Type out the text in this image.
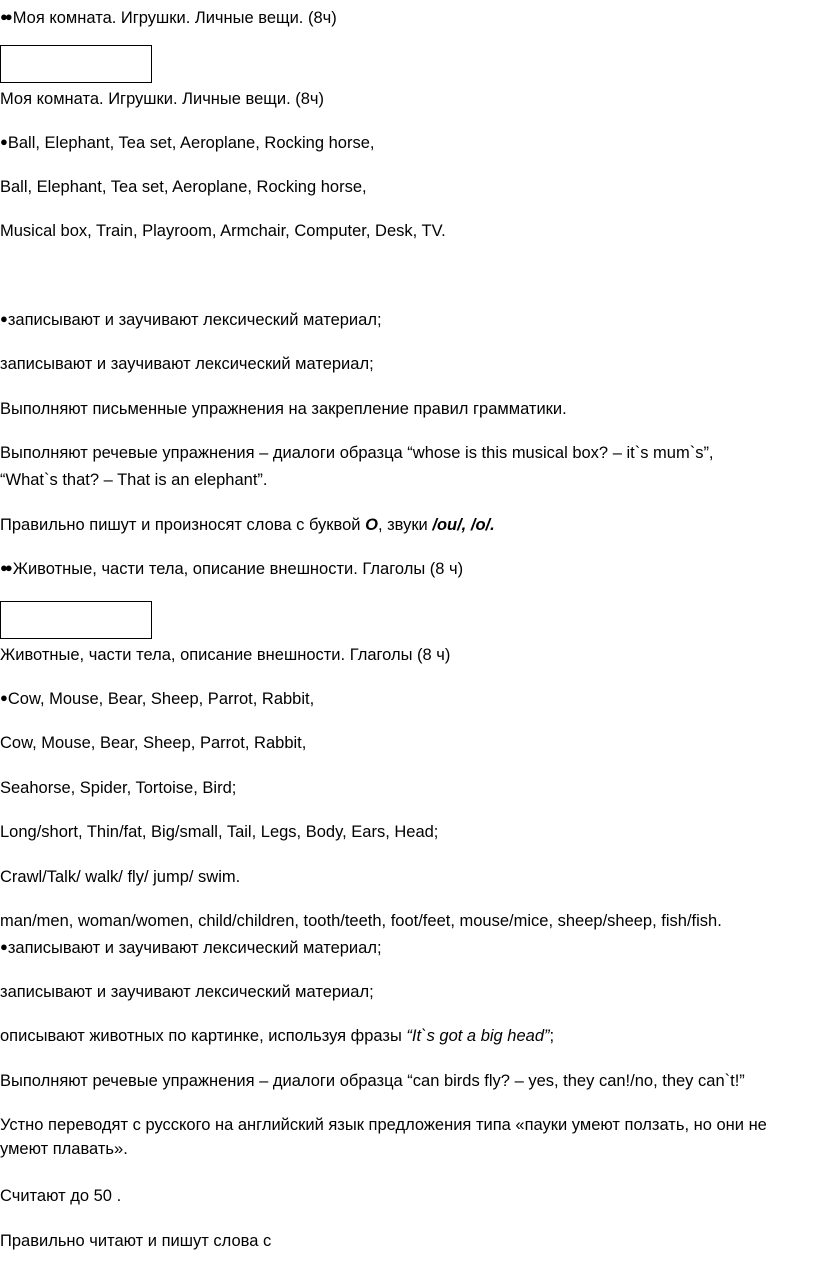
●● Моя комната. Игрушки. Личные вещи. (8ч)
Моя комната. Игрушки. Личные вещи. (8ч)
● Ball, Elephant, Tea set, Aeroplane, Rocking horse,
Ball, Elephant, Tea set, Aeroplane, Rocking horse,
Musical box, Train, Playroom, Armchair, Computer, Desk, TV.
● записывают и заучивают лексический материал;
записывают и заучивают лексический материал;
Выполняют письменные упражнения на закрепление правил грамматики.
Выполняют речевые упражнения – диалоги образца “whose is this musical box? – it`s mum`s”,
“What`s that? – That is an elephant”.
Правильно пишут и произносят слова с буквой O, звуки /ou/, /o/.
●● Животные, части тела, описание внешности. Глаголы (8 ч)
Животные, части тела, описание внешности. Глаголы (8 ч)
● Cow, Mouse, Bear, Sheep, Parrot, Rabbit,
Cow, Mouse, Bear, Sheep, Parrot, Rabbit,
Seahorse, Spider, Tortoise, Bird;
Long/short, Thin/fat, Big/small, Tail, Legs, Body, Ears, Head;
Crawl/Talk/ walk/ fly/ jump/ swim.
man/men, woman/women, child/children, tooth/teeth, foot/feet, mouse/mice, sheep/sheep, fish/fish.
● записывают и заучивают лексический материал;
записывают и заучивают лексический материал;
описывают животных по картинке, используя фразы “It`s got a big head”;
Выполняют речевые упражнения – диалоги образца “can birds fly? – yes, they can!/no, they can`t!”
Устно переводят с русского на английский язык предложения типа «пауки умеют ползать, но они не умеют плавать».
Считают до 50 .
Правильно читают и пишут слова с
